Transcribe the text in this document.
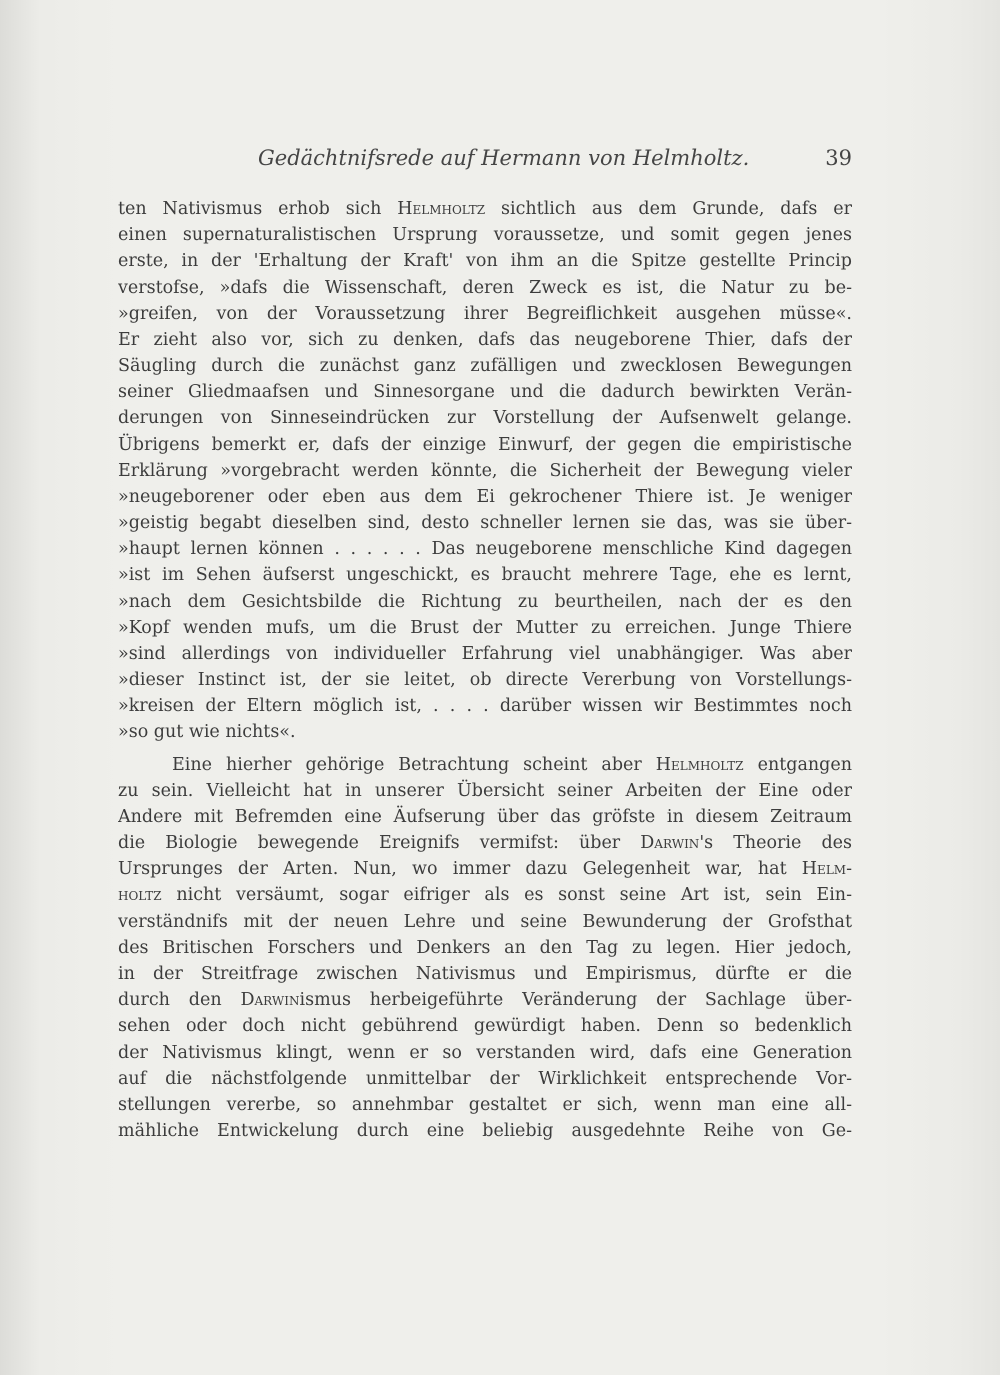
Gedächtnifsrede auf Hermann von Helmholtz.	39
ten Nativismus erhob sich Helmholtz sichtlich aus dem Grunde, dafs er
einen supernaturalistischen Ursprung voraussetze, und somit gegen jenes
erste, in der 'Erhaltung der Kraft' von ihm an die Spitze gestellte Princip
verstofse, »dafs die Wissenschaft, deren Zweck es ist, die Natur zu be-
»greifen, von der Voraussetzung ihrer Begreiflichkeit ausgehen müsse«.
Er zieht also vor, sich zu denken, dafs das neugeborene Thier, dafs der
Säugling durch die zunächst ganz zufälligen und zwecklosen Bewegungen
seiner Gliedmaafsen und Sinnesorgane und die dadurch bewirkten Verän-
derungen von Sinneseindrücken zur Vorstellung der Aufsenwelt gelange.
Übrigens bemerkt er, dafs der einzige Einwurf, der gegen die empiristische
Erklärung »vorgebracht werden könnte, die Sicherheit der Bewegung vieler
»neugeborener oder eben aus dem Ei gekrochener Thiere ist. Je weniger
»geistig begabt dieselben sind, desto schneller lernen sie das, was sie über-
»haupt lernen können . . . . . . Das neugeborene menschliche Kind dagegen
»ist im Sehen äufserst ungeschickt, es braucht mehrere Tage, ehe es lernt,
»nach dem Gesichtsbilde die Richtung zu beurtheilen, nach der es den
»Kopf wenden mufs, um die Brust der Mutter zu erreichen. Junge Thiere
»sind allerdings von individueller Erfahrung viel unabhängiger. Was aber
»dieser Instinct ist, der sie leitet, ob directe Vererbung von Vorstellungs-
»kreisen der Eltern möglich ist, . . . . darüber wissen wir Bestimmtes noch
»so gut wie nichts«.
Eine hierher gehörige Betrachtung scheint aber Helmholtz entgangen
zu sein. Vielleicht hat in unserer Übersicht seiner Arbeiten der Eine oder
Andere mit Befremden eine Äufserung über das gröfste in diesem Zeitraum
die Biologie bewegende Ereignifs vermifst: über Darwin's Theorie des
Ursprunges der Arten. Nun, wo immer dazu Gelegenheit war, hat Helm-
holtz nicht versäumt, sogar eifriger als es sonst seine Art ist, sein Ein-
verständnifs mit der neuen Lehre und seine Bewunderung der Grofsthat
des Britischen Forschers und Denkers an den Tag zu legen. Hier jedoch,
in der Streitfrage zwischen Nativismus und Empirismus, dürfte er die
durch den Darwinismus herbeigeführte Veränderung der Sachlage über-
sehen oder doch nicht gebührend gewürdigt haben. Denn so bedenklich
der Nativismus klingt, wenn er so verstanden wird, dafs eine Generation
auf die nächstfolgende unmittelbar der Wirklichkeit entsprechende Vor-
stellungen vererbe, so annehmbar gestaltet er sich, wenn man eine all-
mähliche Entwickelung durch eine beliebig ausgedehnte Reihe von Ge-
